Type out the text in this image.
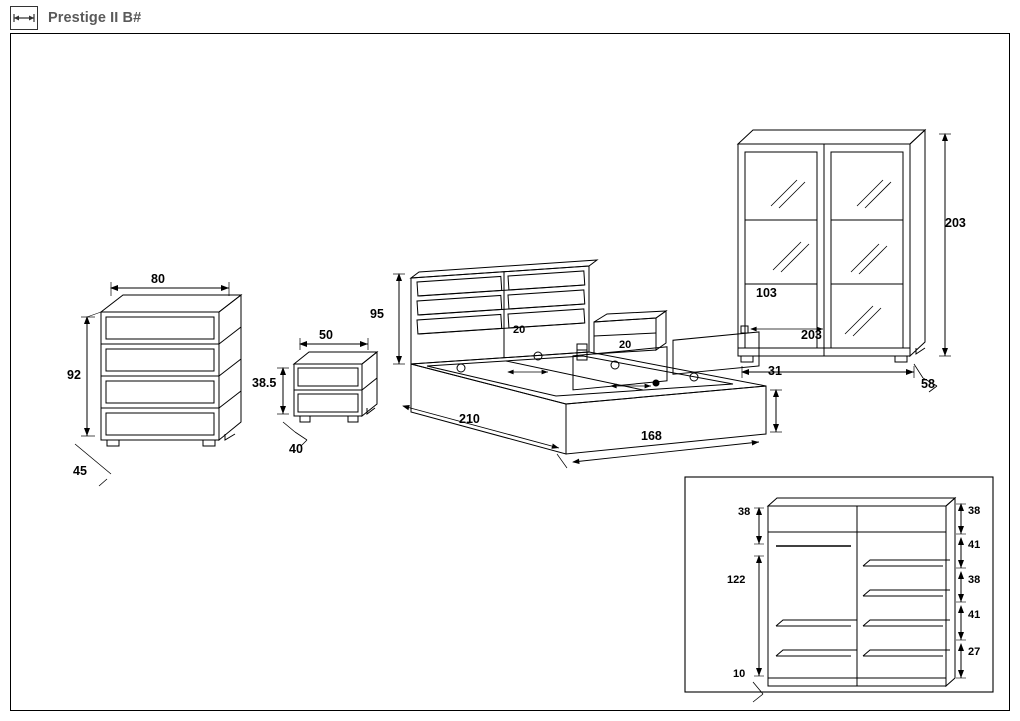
Prestige II B#
80
92
45
50
38.5
40
95
210
168
31
20
20
203
203
103
58
38
122
10
38
41
38
41
27
